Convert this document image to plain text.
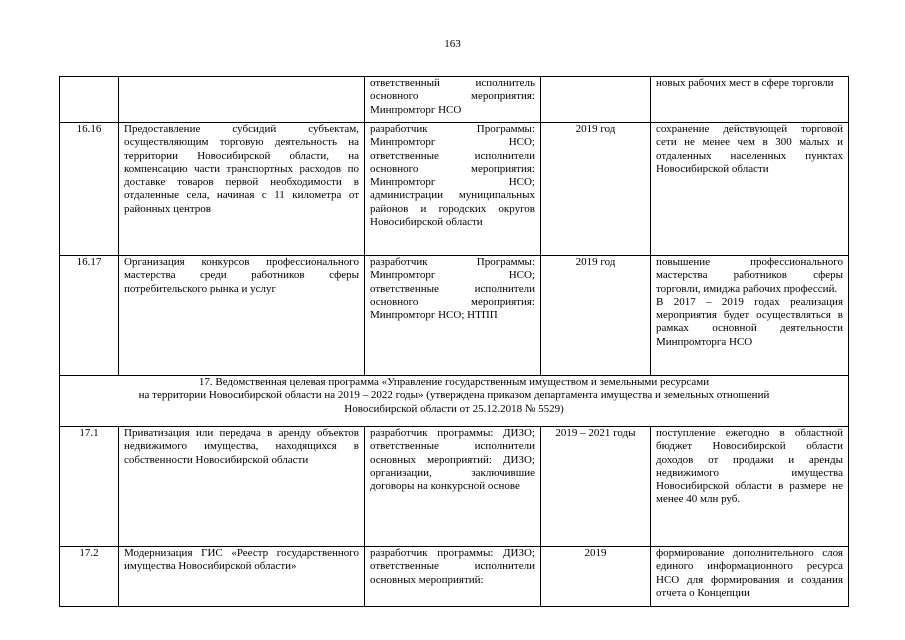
163
		ответственный исполнитель основного мероприятия: Минпромторг НСО		новых рабочих мест в сфере торговли
16.16	Предоставление субсидий субъектам, осуществляющим торговую деятельность на территории Новосибирской области, на компенсацию части транспортных расходов по доставке товаров первой необходимости в отдаленные села, начиная с 11 километра от районных центров	разработчик Программы: Минпромторг НСО; ответственные исполнители основного мероприятия: Минпромторг НСО; администрации муниципальных районов и городских округов Новосибирской области	2019 год	сохранение действующей торговой сети не менее чем в 300 малых и отдаленных населенных пунктах Новосибирской области
16.17	Организация конкурсов профессионального мастерства среди работников сферы потребительского рынка и услуг	разработчик Программы: Минпромторг НСО; ответственные исполнители основного мероприятия: Минпромторг НСО; НТПП	2019 год	повышение профессионального мастерства работников сферы торговли, имиджа рабочих профессий.
В 2017 – 2019 годах реализация мероприятия будет осуществляться в рамках основной деятельности Минпромторга НСО

17. Ведомственная целевая программа «Управление государственным имуществом и земельными ресурсами
на территории Новосибирской области на 2019 – 2022 годы» (утверждена приказом департамента имущества и земельных отношений
Новосибирской области от 25.12.2018 № 5529)				

17.1	Приватизация или передача в аренду объектов недвижимого имущества, находящихся в собственности Новосибирской области	разработчик программы: ДИЗО; ответственные исполнители основных мероприятий: ДИЗО; организации, заключившие договоры на конкурсной основе	2019 – 2021 годы	поступление ежегодно в областной бюджет Новосибирской области доходов от продажи и аренды недвижимого имущества Новосибирской области в размере не менее 40 млн руб.
17.2	Модернизация ГИС «Реестр государственного имущества Новосибирской области»	разработчик программы: ДИЗО; ответственные исполнители основных мероприятий:	2019	формирование дополнительного слоя единого информационного ресурса НСО для формирования и создания отчета о Концепции
